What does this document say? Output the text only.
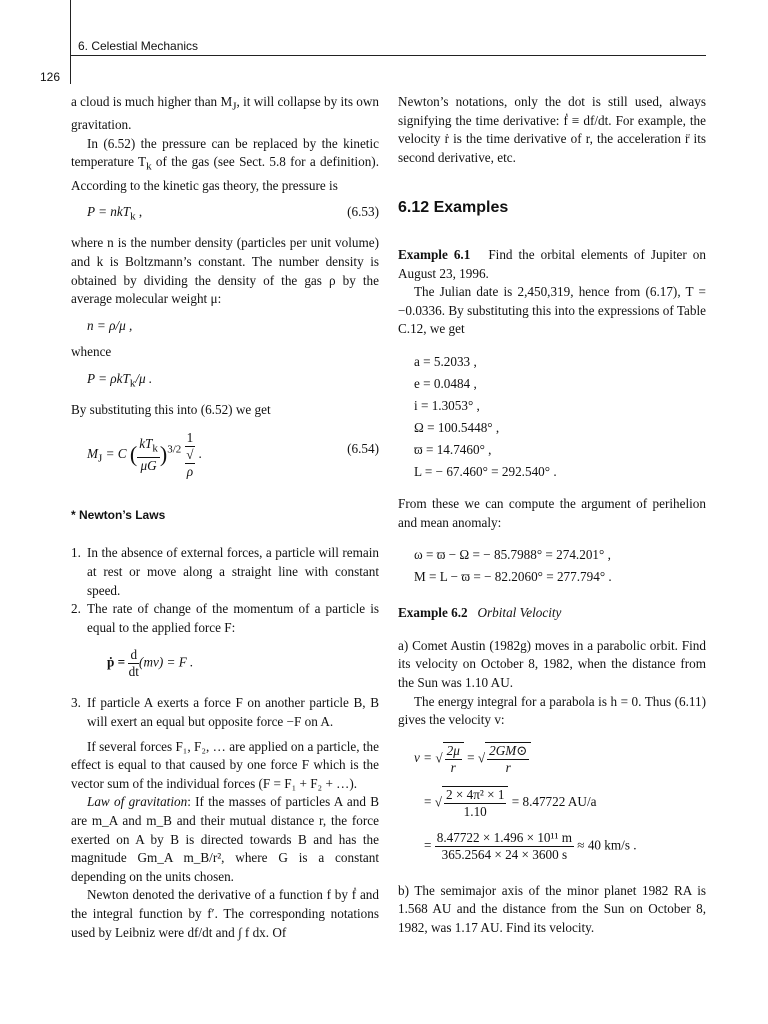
6. Celestial Mechanics
126

a cloud is much higher than $M_J$, it will collapse by its own gravitation.

In (6.52) the pressure can be replaced by the kinetic temperature $T_k$ of the gas (see Sect. 5.8 for a definition). According to the kinetic gas theory, the pressure is

P = nkT$_k$ ,	(6.53)

where n is the number density (particles per unit volume) and k is Boltzmann’s constant. The number density is obtained by dividing the density of the gas ρ by the average molecular weight μ:

n = ρ/μ ,

whence

P = ρkT$_k$/μ .

By substituting this into (6.52) we get

$M_J = C$ ( $\frac{kT_k}{\mu G} )^{3/2}$ 1
√
ρ .	(6.54)
* Newton’s Laws
1. In the absence of external forces, a particle will remain at rest or move along a straight line with constant speed.
2. The rate of change of the momentum of a particle is equal to the applied force F:
ṗ = $\frac{d}{dt} (mv) = F$ .
3. If particle A exerts a force F on another particle B, B will exert an equal but opposite force −F on A.

If several forces F₁, F₂, … are applied on a particle, the effect is equal to that caused by one force F which is the vector sum of the individual forces (F = F₁ + F₂ + …).

Law of gravitation: If the masses of particles A and B are m_A and m_B and their mutual distance r, the force exerted on A by B is directed towards B and has the magnitude Gm_A m_B/r², where G is a constant depending on the units chosen.

Newton denoted the derivative of a function f by ḟ and the integral function by f′. The corresponding notations used by Leibniz were df/dt and ∫ f dx. Of

Newton’s notations, only the dot is still used, always signifying the time derivative: ḟ ≡ df/dt. For example, the velocity ṙ is the time derivative of r, the acceleration r̈ its second derivative, etc.

6.12 Examples

Example 6.1 Find the orbital elements of Jupiter on August 23, 1996.

The Julian date is 2,450,319, hence from (6.17), T = −0.0336. By substituting this into the expressions of Table C.12, we get

a = 5.2033 ,
e = 0.0484 ,
i = 1.3053° ,
Ω = 100.5448° ,
ϖ = 14.7460° ,
L = − 67.460° = 292.540° .

From these we can compute the argument of perihelion and mean anomaly:

ω = ϖ − Ω = − 85.7988° = 274.201° ,
M = L − ϖ = − 82.2060° = 277.794° .

Example 6.2 Orbital Velocity

a) Comet Austin (1982g) moves in a parabolic orbit. Find its velocity on October 8, 1982, when the distance from the Sun was 1.10 AU.

The energy integral for a parabola is h = 0. Thus (6.11) gives the velocity v:

v = √ $\frac{2\mu}{r}$ = √ $\frac{2GM⊙}{r}$
= √ $\frac{\text{2 × 4π² × 1}}{1.10} = 8.47722$ AU/a
= $\frac{\text{8.47722 × 1.496 × 10¹¹ m}}{365.2564 \times 24 \times 3600 s} \approx 40$ km/s .

b) The semimajor axis of the minor planet 1982 RA is 1.568 AU and the distance from the Sun on October 8, 1982, was 1.17 AU. Find its velocity.
